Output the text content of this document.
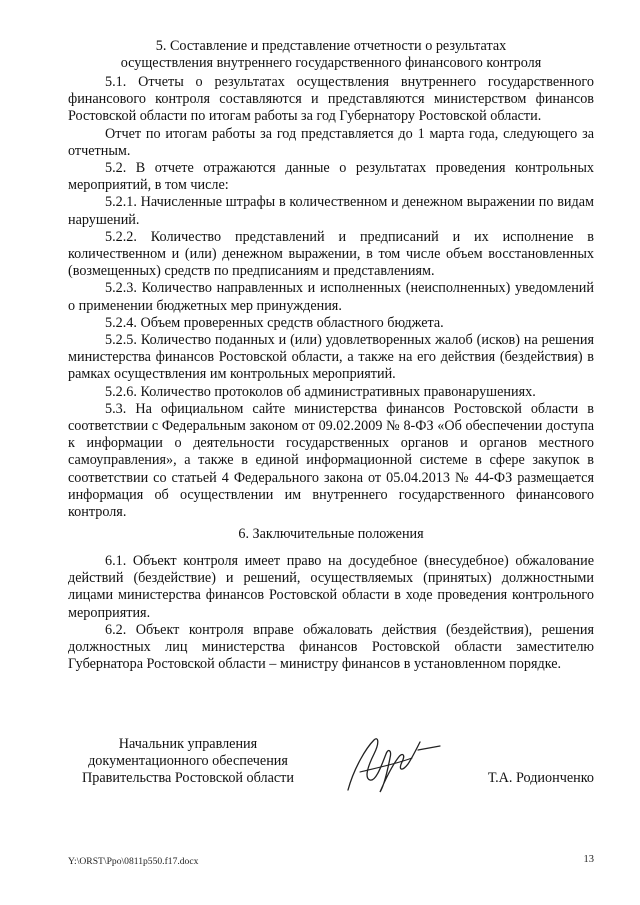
5. Составление и представление отчетности о результатах
осуществления внутреннего государственного финансового контроля

5.1. Отчеты о результатах осуществления внутреннего государственного финансового контроля составляются и представляются министерством финансов Ростовской области по итогам работы за год Губернатору Ростовской области.

Отчет по итогам работы за год представляется до 1 марта года, следующего за отчетным.

5.2. В отчете отражаются данные о результатах проведения контрольных мероприятий, в том числе:

5.2.1. Начисленные штрафы в количественном и денежном выражении по видам нарушений.

5.2.2. Количество представлений и предписаний и их исполнение в количественном и (или) денежном выражении, в том числе объем восстановленных (возмещенных) средств по предписаниям и представлениям.

5.2.3. Количество направленных и исполненных (неисполненных) уведомлений о применении бюджетных мер принуждения.

5.2.4. Объем проверенных средств областного бюджета.

5.2.5. Количество поданных и (или) удовлетворенных жалоб (исков) на решения министерства финансов Ростовской области, а также на его действия (бездействия) в рамках осуществления им контрольных мероприятий.

5.2.6. Количество протоколов об административных правонарушениях.

5.3. На официальном сайте министерства финансов Ростовской области в соответствии с Федеральным законом от 09.02.2009 № 8-ФЗ «Об обеспечении доступа к информации о деятельности государственных органов и органов местного самоуправления», а также в единой информационной системе в сфере закупок в соответствии со статьей 4 Федерального закона от 05.04.2013 № 44-ФЗ размещается информация об осуществлении им внутреннего государственного финансового контроля.

6. Заключительные положения

6.1. Объект контроля имеет право на досудебное (внесудебное) обжалование действий (бездействие) и решений, осуществляемых (принятых) должностными лицами министерства финансов Ростовской области в ходе проведения контрольного мероприятия.

6.2. Объект контроля вправе обжаловать действия (бездействия), решения должностных лиц министерства финансов Ростовской области заместителю Губернатора Ростовской области – министру финансов в установленном порядке.

Начальник управления
документационного обеспечения
Правительства Ростовской области	Т.А. Родионченко
Y:\ORST\Ppo\0811p550.f17.docx	13
